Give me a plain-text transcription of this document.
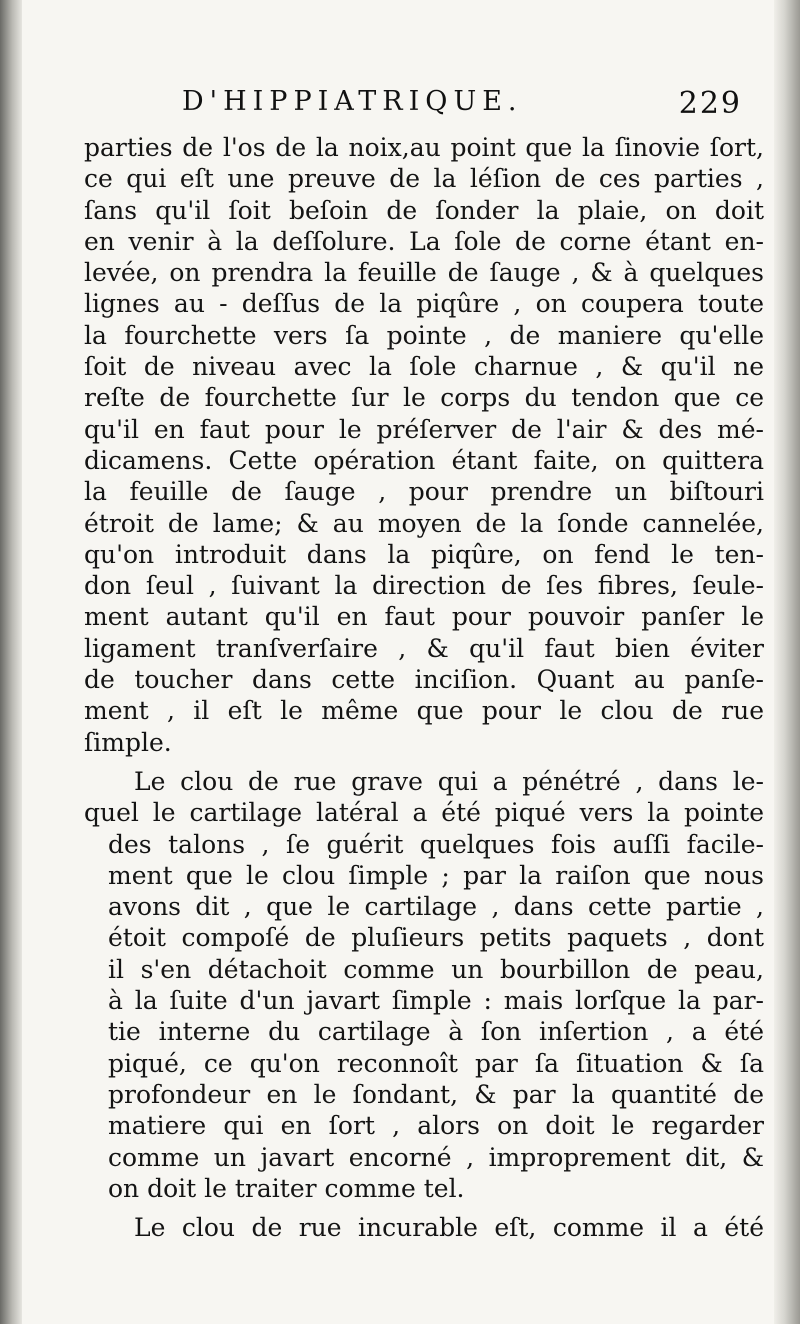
D'HIPPIATRIQUE.	229
parties de l'os de la noix,au point que la ſinovie ſort,
ce qui eſt une preuve de la léſion de ces parties ,
ſans qu'il ſoit beſoin de ſonder la plaie, on doit
en venir à la deſſolure. La ſole de corne étant en-
levée, on prendra la feuille de ſauge , & à quelques
lignes au - deſſus de la piqûre , on coupera toute
la fourchette vers ſa pointe , de maniere qu'elle
ſoit de niveau avec la ſole charnue , & qu'il ne
reſte de fourchette ſur le corps du tendon que ce
qu'il en faut pour le préſerver de l'air & des mé-
dicamens. Cette opération étant faite, on quittera
la feuille de ſauge , pour prendre un biſtouri
étroit de lame; & au moyen de la ſonde cannelée,
qu'on introduit dans la piqûre, on fend le ten-
don ſeul , ſuivant la direction de ſes fibres, ſeule-
ment autant qu'il en faut pour pouvoir panſer le
ligament tranſverſaire , & qu'il faut bien éviter
de toucher dans cette inciſion. Quant au panſe-
ment , il eſt le même que pour le clou de rue
ſimple.
Le clou de rue grave qui a pénétré , dans le-
quel le cartilage latéral a été piqué vers la pointe
des talons , ſe guérit quelques fois auſſi facile-
ment que le clou ſimple ; par la raiſon que nous
avons dit , que le cartilage , dans cette partie ,
étoit compoſé de pluſieurs petits paquets , dont
il s'en détachoit comme un bourbillon de peau,
à la ſuite d'un javart ſimple : mais lorſque la par-
tie interne du cartilage à ſon inſertion , a été
piqué, ce qu'on reconnoît par ſa ſituation & ſa
profondeur en le ſondant, & par la quantité de
matiere qui en ſort , alors on doit le regarder
comme un javart encorné , improprement dit, &
on doit le traiter comme tel.
Le clou de rue incurable eſt, comme il a été
